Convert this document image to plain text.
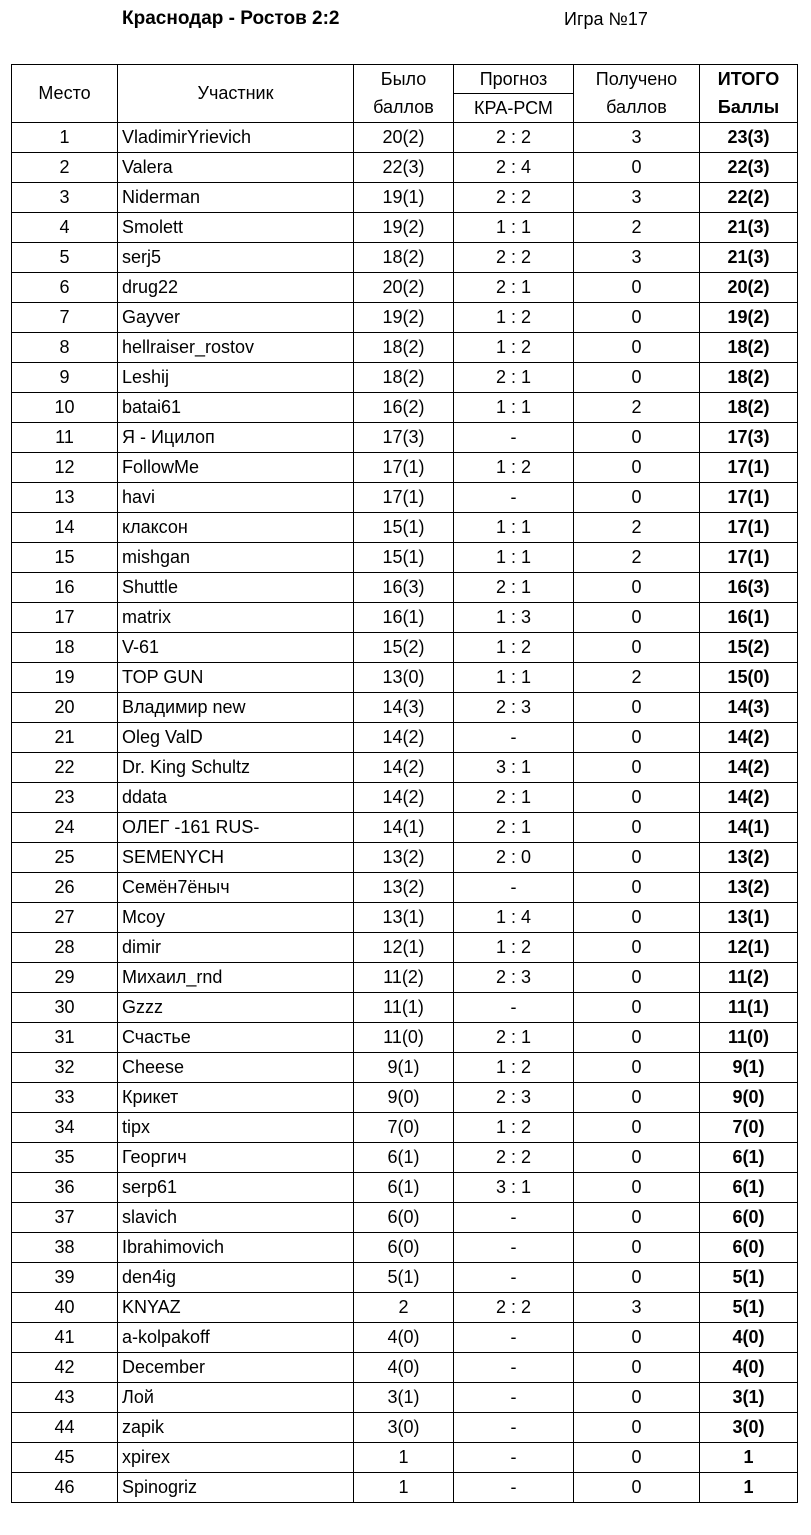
Краснодар - Ростов 2:2	Игра №17
Место	Участник	Было	Прогноз	Получено	ИТОГО
		баллов	КРА-РСМ	баллов	Баллы
1	VladimirYrievich	20(2)	2 : 2	3	23(3)
2	Valera	22(3)	2 : 4	0	22(3)
3	Niderman	19(1)	2 : 2	3	22(2)
4	Smolett	19(2)	1 : 1	2	21(3)
5	serj5	18(2)	2 : 2	3	21(3)
6	drug22	20(2)	2 : 1	0	20(2)
7	Gayver	19(2)	1 : 2	0	19(2)
8	hellraiser_rostov	18(2)	1 : 2	0	18(2)
9	Leshij	18(2)	2 : 1	0	18(2)
10	batai61	16(2)	1 : 1	2	18(2)
11	Я - Ицилоп	17(3)	-	0	17(3)
12	FollowMe	17(1)	1 : 2	0	17(1)
13	havi	17(1)	-	0	17(1)
14	клаксон	15(1)	1 : 1	2	17(1)
15	mishgan	15(1)	1 : 1	2	17(1)
16	Shuttle	16(3)	2 : 1	0	16(3)
17	matrix	16(1)	1 : 3	0	16(1)
18	V-61	15(2)	1 : 2	0	15(2)
19	TOP GUN	13(0)	1 : 1	2	15(0)
20	Владимир new	14(3)	2 : 3	0	14(3)
21	Oleg ValD	14(2)	-	0	14(2)
22	Dr. King Schultz	14(2)	3 : 1	0	14(2)
23	ddata	14(2)	2 : 1	0	14(2)
24	ОЛЕГ -161 RUS-	14(1)	2 : 1	0	14(1)
25	SEMENYCH	13(2)	2 : 0	0	13(2)
26	Семён7ёныч	13(2)	-	0	13(2)
27	Mcoy	13(1)	1 : 4	0	13(1)
28	dimir	12(1)	1 : 2	0	12(1)
29	Михаил_rnd	11(2)	2 : 3	0	11(2)
30	Gzzz	11(1)	-	0	11(1)
31	Счастье	11(0)	2 : 1	0	11(0)
32	Cheese	9(1)	1 : 2	0	9(1)
33	Крикет	9(0)	2 : 3	0	9(0)
34	tipx	7(0)	1 : 2	0	7(0)
35	Георгич	6(1)	2 : 2	0	6(1)
36	serp61	6(1)	3 : 1	0	6(1)
37	slavich	6(0)	-	0	6(0)
38	Ibrahimovich	6(0)	-	0	6(0)
39	den4ig	5(1)	-	0	5(1)
40	KNYAZ	2	2 : 2	3	5(1)
41	a-kolpakoff	4(0)	-	0	4(0)
42	December	4(0)	-	0	4(0)
43	Лой	3(1)	-	0	3(1)
44	zapik	3(0)	-	0	3(0)
45	xpirex	1	-	0	1
46	Spinogriz	1	-	0	1
